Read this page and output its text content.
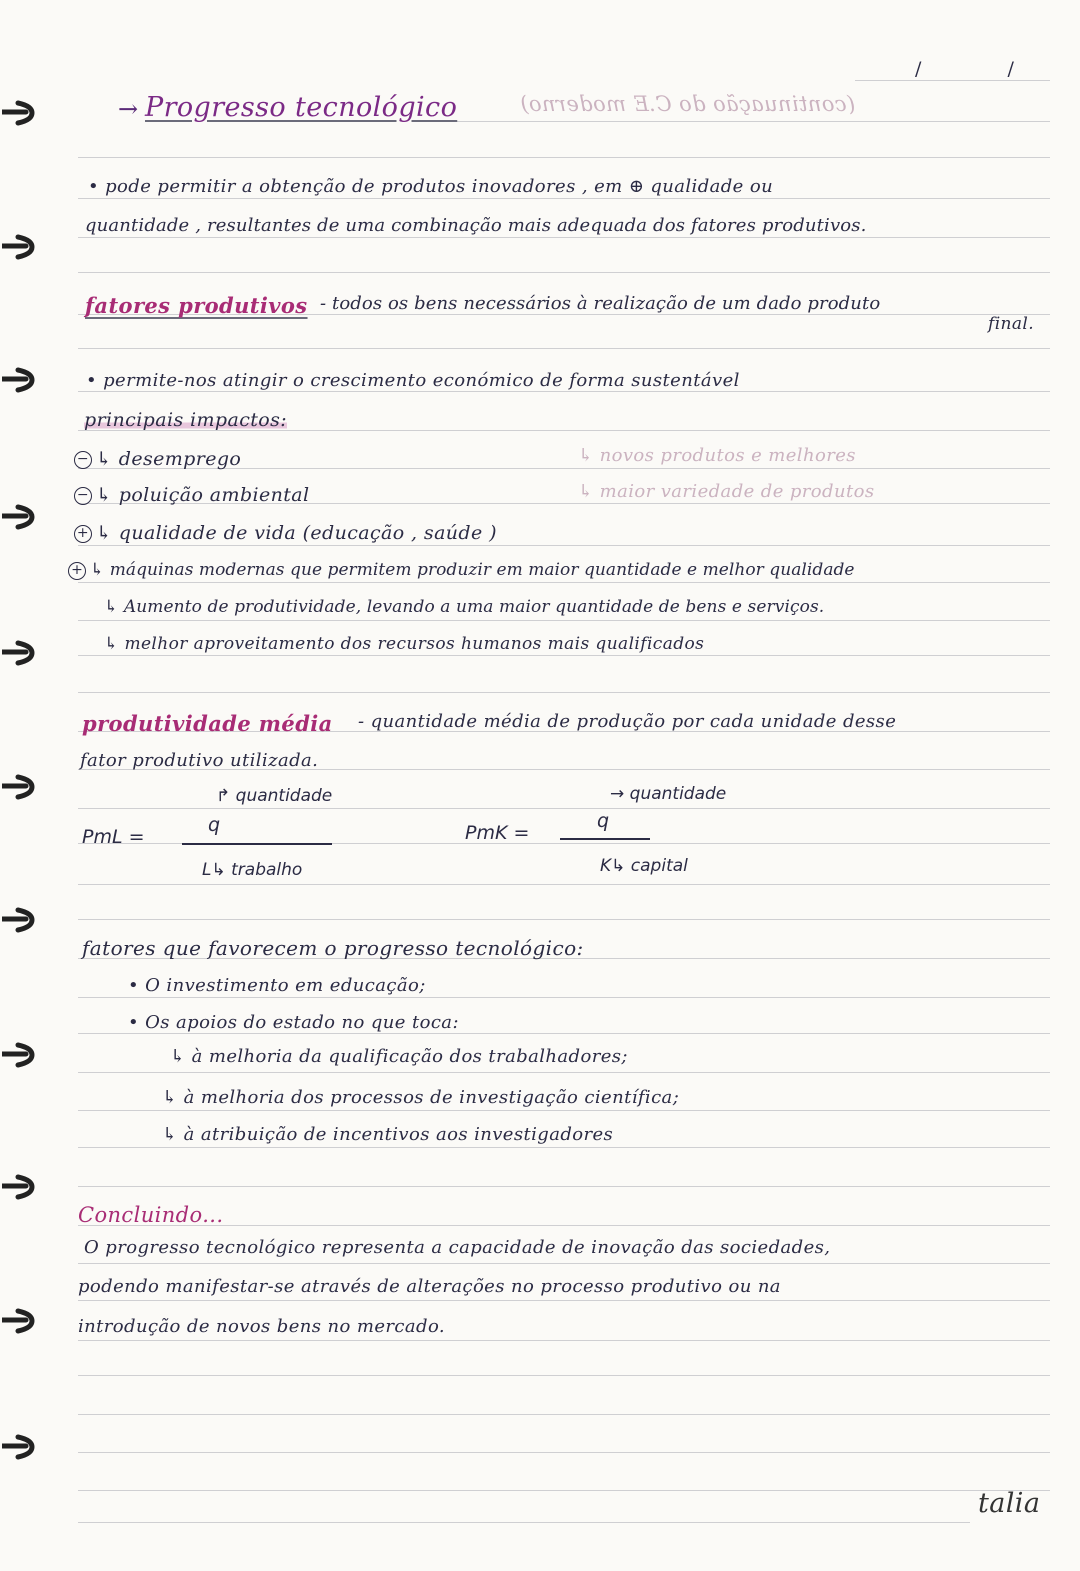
/ /
→ Progresso tecnológico	(continuação do C.E moderno)
• pode permitir a obtenção de produtos inovadores , em ⊕ qualidade ou
quantidade , resultantes de uma combinação mais adequada dos fatores produtivos.
fatores produtivos - todos os bens necessários à realização de um dado produto
final.
• permite-nos atingir o crescimento económico de forma sustentável
principais impactos:
− ↳ desemprego
− ↳ poluição ambiental
+ ↳ qualidade de vida (educação , saúde )
+ ↳ máquinas modernas que permitem produzir em maior quantidade e melhor qualidade
↳ Aumento de produtividade, levando a uma maior quantidade de bens e serviços.
↳ melhor aproveitamento dos recursos humanos mais qualificados
↳ novos produtos e melhores
↳ maior variedade de produtos
produtividade média - quantidade média de produção por cada unidade desse
fator produtivo utilizada.
↱ quantidade
PmL =
q
L↳ trabalho
→ quantidade
PmK =
q
K↳ capital
fatores que favorecem o progresso tecnológico:
• O investimento em educação;
• Os apoios do estado no que toca:
↳ à melhoria da qualificação dos trabalhadores;
↳ à melhoria dos processos de investigação científica;
↳ à atribuição de incentivos aos investigadores
Concluindo...
O progresso tecnológico representa a capacidade de inovação das sociedades,
podendo manifestar-se através de alterações no processo produtivo ou na
introdução de novos bens no mercado.
talia
